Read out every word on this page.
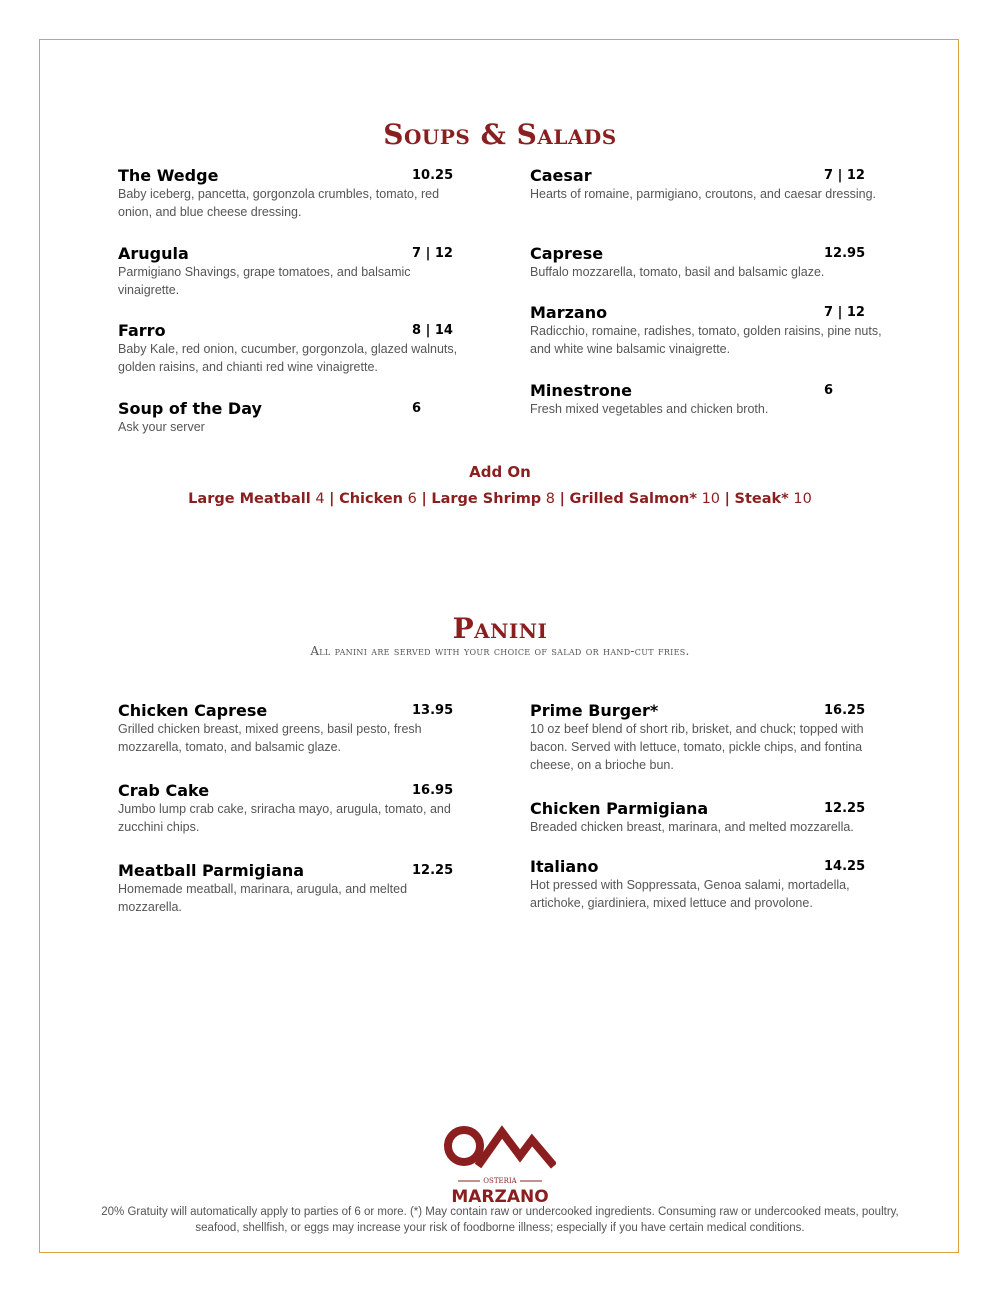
Soups & Salads
The Wedge	10.25
Baby iceberg, pancetta, gorgonzola crumbles, tomato, red onion, and blue cheese dressing.
Arugula	7 | 12
Parmigiano Shavings, grape tomatoes, and balsamic vinaigrette.
Farro	8 | 14
Baby Kale, red onion, cucumber, gorgonzola, glazed walnuts, golden raisins, and chianti red wine vinaigrette.
Soup of the Day	6
Ask your server
Caesar	7 | 12
Hearts of romaine, parmigiano, croutons, and caesar dressing.
Caprese	12.95
Buffalo mozzarella, tomato, basil and balsamic glaze.
Marzano	7 | 12
Radicchio, romaine, radishes, tomato, golden raisins, pine nuts, and white wine balsamic vinaigrette.
Minestrone	6
Fresh mixed vegetables and chicken broth.
Add On
Large Meatball 4 | Chicken 6 | Large Shrimp 8 | Grilled Salmon* 10 | Steak* 10
Panini
All panini are served with your choice of salad or hand-cut fries.
Chicken Caprese	13.95
Grilled chicken breast, mixed greens, basil pesto, fresh mozzarella, tomato, and balsamic glaze.
Crab Cake	16.95
Jumbo lump crab cake, sriracha mayo, arugula, tomato, and zucchini chips.
Meatball Parmigiana	12.25
Homemade meatball, marinara, arugula, and melted mozzarella.
Prime Burger*	16.25
10 oz beef blend of short rib, brisket, and chuck; topped with bacon. Served with lettuce, tomato, pickle chips, and fontina cheese, on a brioche bun.
Chicken Parmigiana	12.25
Breaded chicken breast, marinara, and melted mozzarella.
Italiano	14.25
Hot pressed with Soppressata, Genoa salami, mortadella, artichoke, giardiniera, mixed lettuce and provolone.
OSTERIA
MARZANO
20% Gratuity will automatically apply to parties of 6 or more. (*) May contain raw or undercooked ingredients. Consuming raw or undercooked meats, poultry, seafood, shellfish, or eggs may increase your risk of foodborne illness; especially if you have certain medical conditions.
